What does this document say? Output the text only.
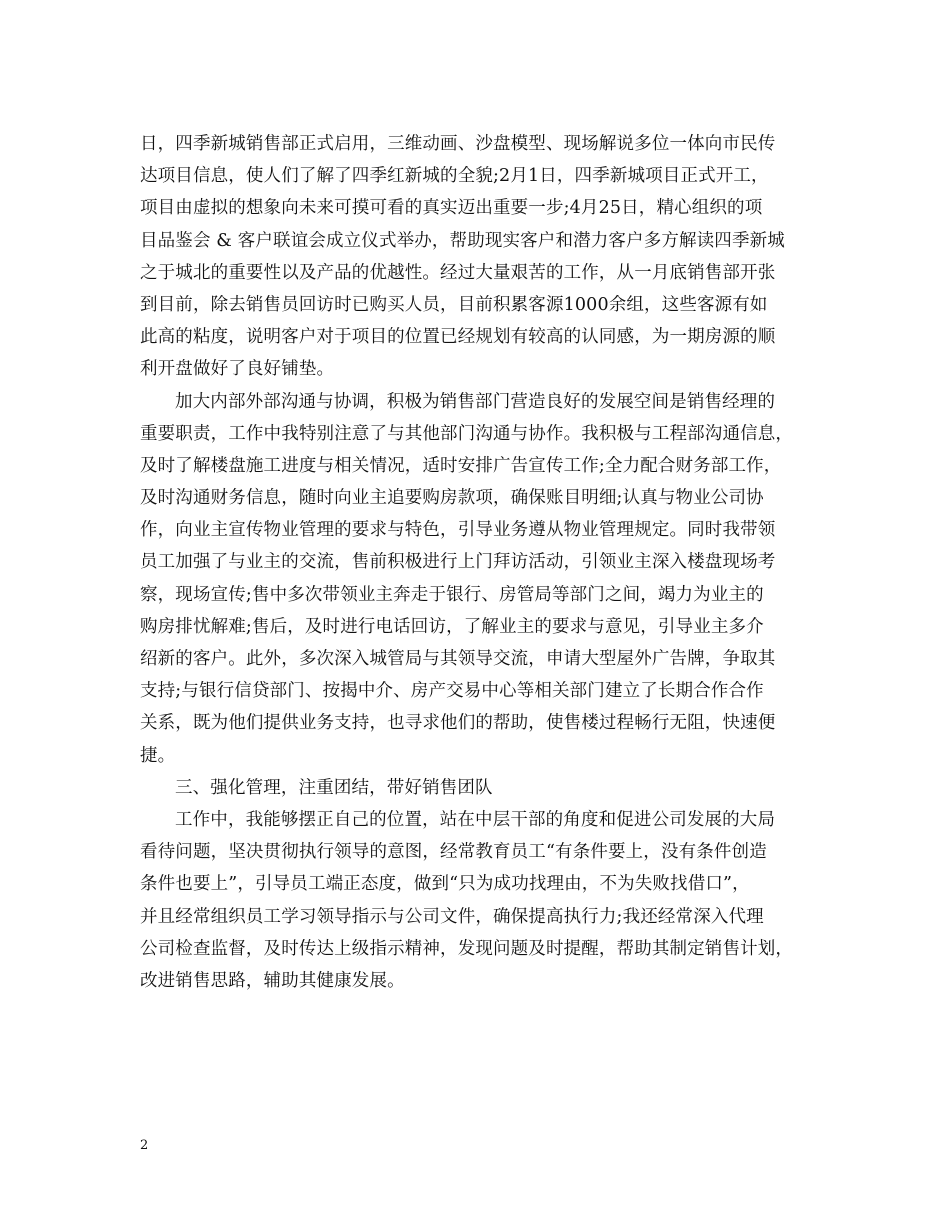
日，四季新城销售部正式启用，三维动画、沙盘模型、现场解说多位一体向市民传
达项目信息，使人们了解了四季红新城的全貌;2月1日，四季新城项目正式开工，
项目由虚拟的想象向未来可摸可看的真实迈出重要一步;4月25日，精心组织的项
目品鉴会 & 客户联谊会成立仪式举办，帮助现实客户和潜力客户多方解读四季新城
之于城北的重要性以及产品的优越性。经过大量艰苦的工作，从一月底销售部开张
到目前，除去销售员回访时已购买人员，目前积累客源1000余组，这些客源有如
此高的粘度，说明客户对于项目的位置已经规划有较高的认同感，为一期房源的顺
利开盘做好了良好铺垫。
加大内部外部沟通与协调，积极为销售部门营造良好的发展空间是销售经理的
重要职责，工作中我特别注意了与其他部门沟通与协作。我积极与工程部沟通信息，
及时了解楼盘施工进度与相关情况，适时安排广告宣传工作;全力配合财务部工作，
及时沟通财务信息，随时向业主追要购房款项，确保账目明细;认真与物业公司协
作，向业主宣传物业管理的要求与特色，引导业务遵从物业管理规定。同时我带领
员工加强了与业主的交流，售前积极进行上门拜访活动，引领业主深入楼盘现场考
察，现场宣传;售中多次带领业主奔走于银行、房管局等部门之间，竭力为业主的
购房排忧解难;售后，及时进行电话回访，了解业主的要求与意见，引导业主多介
绍新的客户。此外，多次深入城管局与其领导交流，申请大型屋外广告牌，争取其
支持;与银行信贷部门、按揭中介、房产交易中心等相关部门建立了长期合作合作
关系，既为他们提供业务支持，也寻求他们的帮助，使售楼过程畅行无阻，快速便
捷。
三、强化管理，注重团结，带好销售团队
工作中，我能够摆正自己的位置，站在中层干部的角度和促进公司发展的大局
看待问题，坚决贯彻执行领导的意图，经常教育员工“有条件要上，没有条件创造
条件也要上”，引导员工端正态度，做到“只为成功找理由，不为失败找借口”，
并且经常组织员工学习领导指示与公司文件，确保提高执行力;我还经常深入代理
公司检查监督，及时传达上级指示精神，发现问题及时提醒，帮助其制定销售计划，
改进销售思路，辅助其健康发展。
2
